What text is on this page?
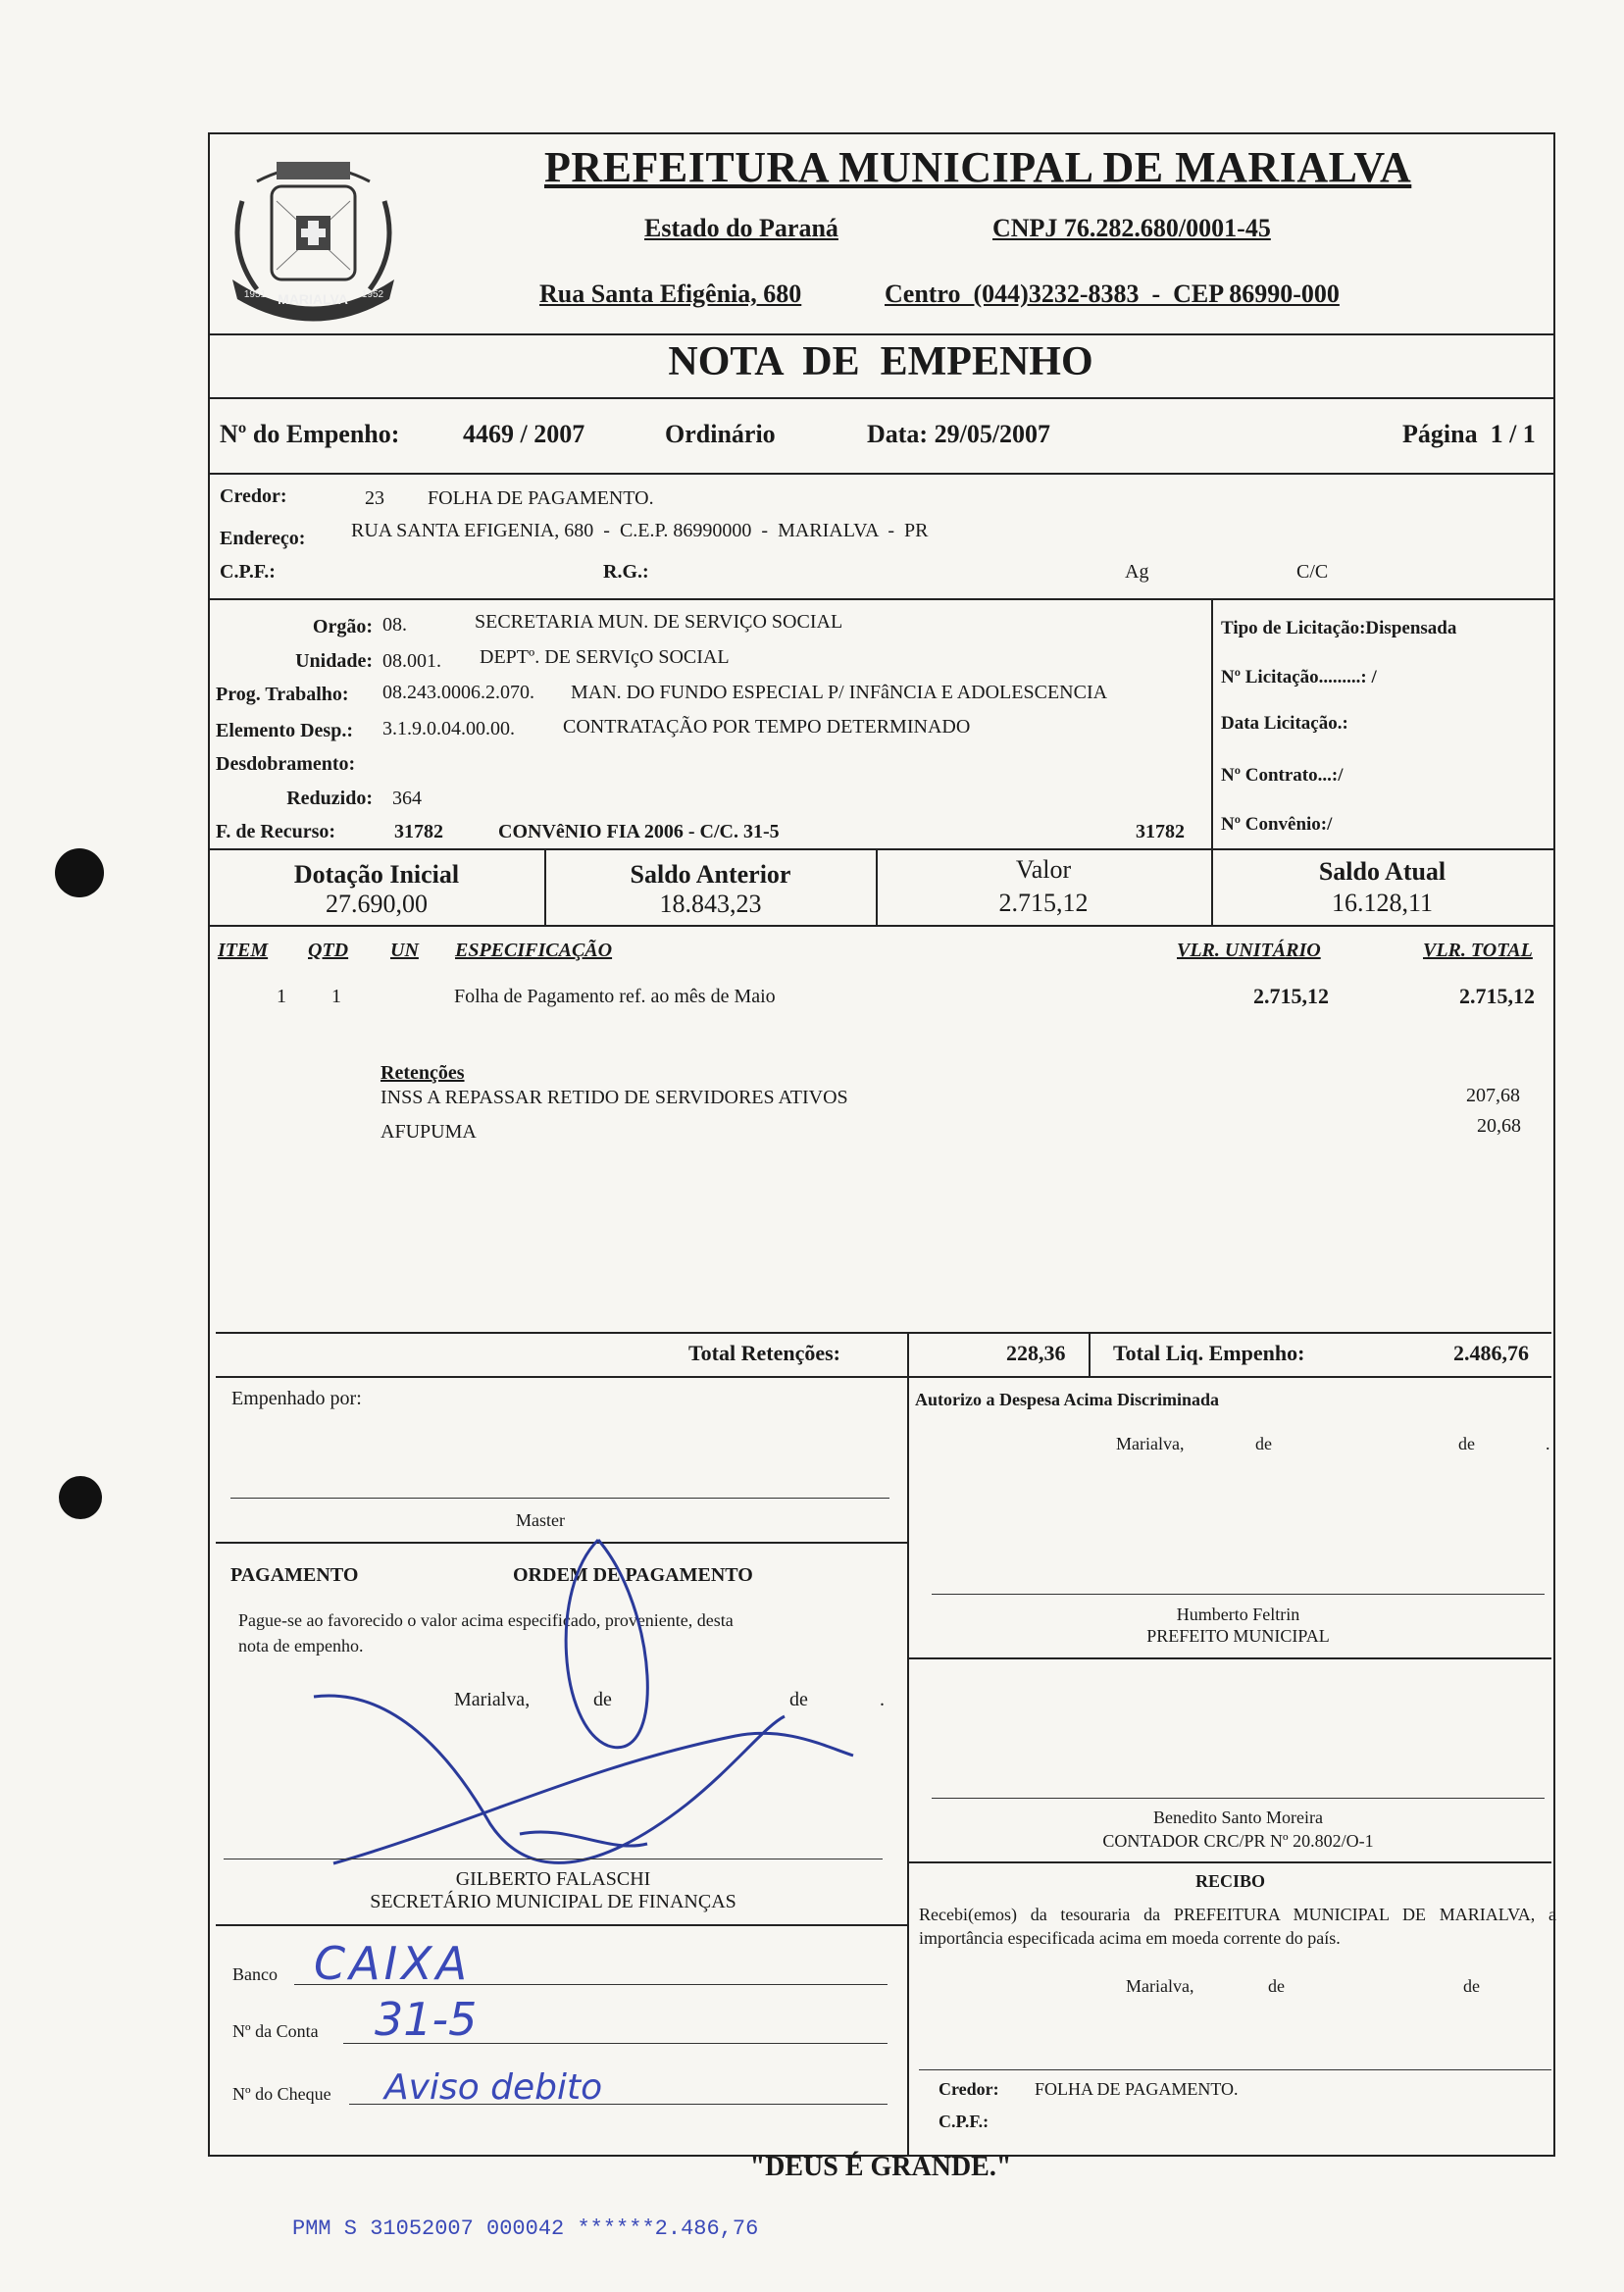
MARIALVA
1951	1952
PREFEITURA MUNICIPAL DE MARIALVA
Estado do Paraná	CNPJ 76.282.680/0001-45
Rua Santa Efigênia, 680	Centro  (044)3232-8383  -  CEP 86990-000
NOTA  DE  EMPENHO
Nº do Empenho: 4469 / 2007	Ordinário	Data: 29/05/2007	Página  1 / 1
Credor:	23 FOLHA DE PAGAMENTO.
Endereço: RUA SANTA EFIGENIA, 680  -  C.E.P. 86990000  -  MARIALVA  -  PR
C.P.F.:	R.G.:	Ag	C/C
Orgão: 08.	SECRETARIA MUN. DE SERVIÇO SOCIAL
Unidade: 08.001. DEPTº. DE SERVIçO SOCIAL
Prog. Trabalho: 08.243.0006.2.070. MAN. DO FUNDO ESPECIAL P/ INFâNCIA E ADOLESCENCIA
Elemento Desp.: 3.1.9.0.04.00.00. CONTRATAÇÃO POR TEMPO DETERMINADO
Desdobramento:
Reduzido: 364
F. de Recurso:	31782	CONVêNIO FIA 2006 - C/C. 31-5	31782
Tipo de Licitação:Dispensada
Nº Licitação.........: /
Data Licitação.:
Nº Contrato...:/
Nº Convênio:/
Dotação Inicial
27.690,00
Saldo Anterior
18.843,23
Valor
2.715,12
Saldo Atual
16.128,11
ITEM QTD UN ESPECIFICAÇÃO	VLR. UNITÁRIO	VLR. TOTAL
1 1	Folha de Pagamento ref. ao mês de Maio	2.715,12	2.715,12
Retenções
INSS A REPASSAR RETIDO DE SERVIDORES ATIVOS	207,68
AFUPUMA	20,68
Total Retenções:	228,36 Total Liq. Empenho:	2.486,76
Empenhado por:
Master
PAGAMENTO	ORDEM DE PAGAMENTO
Pague-se ao favorecido o valor acima especificado, proveniente, desta
nota de empenho.
Marialva,	de	de	.
GILBERTO FALASCHI
SECRETÁRIO MUNICIPAL DE FINANÇAS
Banco CAIXA
Nº da Conta 31-5
Nº do Cheque Aviso debito
Autorizo a Despesa Acima Discriminada
Marialva,	de	de	.
Humberto Feltrin
PREFEITO MUNICIPAL
Benedito Santo Moreira
CONTADOR CRC/PR Nº 20.802/O-1
RECIBO
Recebi(emos) da tesouraria da PREFEITURA MUNICIPAL DE MARIALVA, a importância especificada acima em moeda corrente do país.
Marialva,	de	de
Credor: FOLHA DE PAGAMENTO.
C.P.F.:
"DEUS É GRANDE."
PMM S 31052007 000042 ******2.486,76
